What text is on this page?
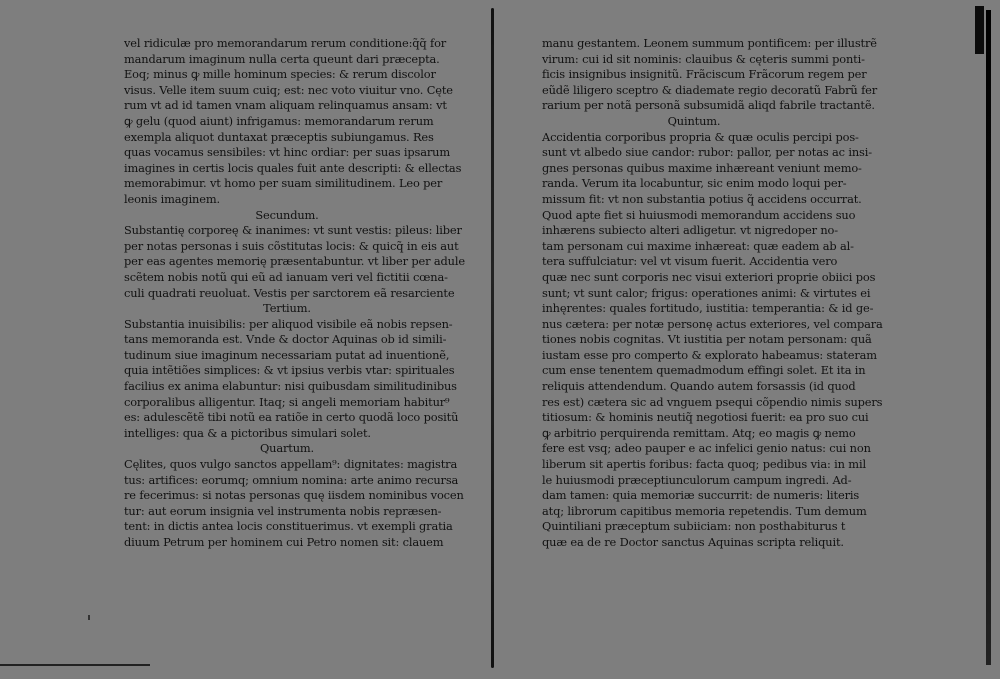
vel ridiculæ pro memorandarum rerum conditione:q̃q̃ for
mandarum imaginum nulla certa queunt dari præcepta.
Eoq; minus ꝙ mille hominum species: & rerum discolor
visus. Velle item suum cuiq; est: nec voto viuitur vno. Cęte
rum vt ad id tamen vnam aliquam relinquamus ansam: vt
ꝙ gelu (quod aiunt) infrigamus: memorandarum rerum
exempla aliquot duntaxat præceptis subiungamus. Res
quas vocamus sensibiles: vt hinc ordiar: per suas ipsarum
imagines in certis locis quales fuit ante descripti: & ellectas
memorabimur. vt homo per suam similitudinem. Leo per
leonis imaginem.
Secundum.
Substantię corporeę & inanimes: vt sunt vestis: pileus: liber
per notas personas i suis cõstitutas locis: & quicq̃ in eis aut
per eas agentes memorię præsentabuntur. vt liber per adule
scẽtem nobis notũ qui eũ ad ianuam veri vel fictitii cœna-
culi quadrati reuoluat. Vestis per sarctorem eã resarciente
Tertium.
Substantia inuisibilis: per aliquod visibile eã nobis repsen-
tans memoranda est. Vnde & doctor Aquinas ob id simili-
tudinum siue imaginum necessariam putat ad inuentionẽ,
quia intẽtiões simplices: & vt ipsius verbis vtar: spirituales
facilius ex anima elabuntur: nisi quibusdam similitudinibus
corporalibus alligentur. Itaq; si angeli memoriam habitur⁹
es: adulescẽtẽ tibi notũ ea ratiõe in certo quodã loco positũ
intelliges: qua & a pictoribus simulari solet.
Quartum.
Cęlites, quos vulgo sanctos appellam⁹: dignitates: magistra
tus: artifices: eorumq; omnium nomina: arte animo recursa
re fecerimus: si notas personas quę iisdem nominibus vocen
tur: aut eorum insignia vel instrumenta nobis repræsen-
tent: in dictis antea locis constituerimus. vt exempli gratia
diuum Petrum per hominem cui Petro nomen sit: clauem
manu gestantem. Leonem summum pontificem: per illustrẽ
virum: cui id sit nominis: clauibus & cęteris summi ponti-
ficis insignibus insignitũ. Frãciscum Frãcorum regem per
eũdẽ liligero sceptro & diademate regio decoratũ Fabrũ fer
rarium per notã personã subsumidã aliqd fabrile tractantẽ.
Quintum.
Accidentia corporibus propria & quæ oculis percipi pos-
sunt vt albedo siue candor: rubor: pallor, per notas ac insi-
gnes personas quibus maxime inhæreant veniunt memo-
randa. Verum ita locabuntur, sic enim modo loqui per-
missum fit: vt non substantia potius q̃ accidens occurrat.
Quod apte fiet si huiusmodi memorandum accidens suo
inhærens subiecto alteri adligetur. vt nigredoper no-
tam personam cui maxime inhæreat: quæ eadem ab al-
tera suffulciatur: vel vt visum fuerit. Accidentia vero
quæ nec sunt corporis nec visui exteriori proprie obiici pos
sunt; vt sunt calor; frigus: operationes animi: & virtutes ei
inhęrentes: quales fortitudo, iustitia: temperantia: & id ge-
nus cætera: per notæ personę actus exteriores, vel compara
tiones nobis cognitas. Vt iustitia per notam personam: quã
iustam esse pro comperto & explorato habeamus: stateram
cum ense tenentem quemadmodum effingi solet. Et ita in
reliquis attendendum. Quando autem forsassis (id quod
res est) cætera sic ad vnguem psequi cõpendio nimis supers
titiosum: & hominis neutiq̃ negotiosi fuerit: ea pro suo cui
ꝙ arbitrio perquirenda remittam. Atq; eo magis ꝙ nemo
fere est vsq; adeo pauper e ac infelici genio natus: cui non
liberum sit apertis foribus: facta quoq; pedibus via: in mil
le huiusmodi præceptiunculorum campum ingredi. Ad-
dam tamen: quia memoriæ succurrit: de numeris: literis
atq; librorum capitibus memoria repetendis. Tum demum
Quintiliani præceptum subiiciam: non posthabiturus t
quæ ea de re Doctor sanctus Aquinas scripta reliquit.
